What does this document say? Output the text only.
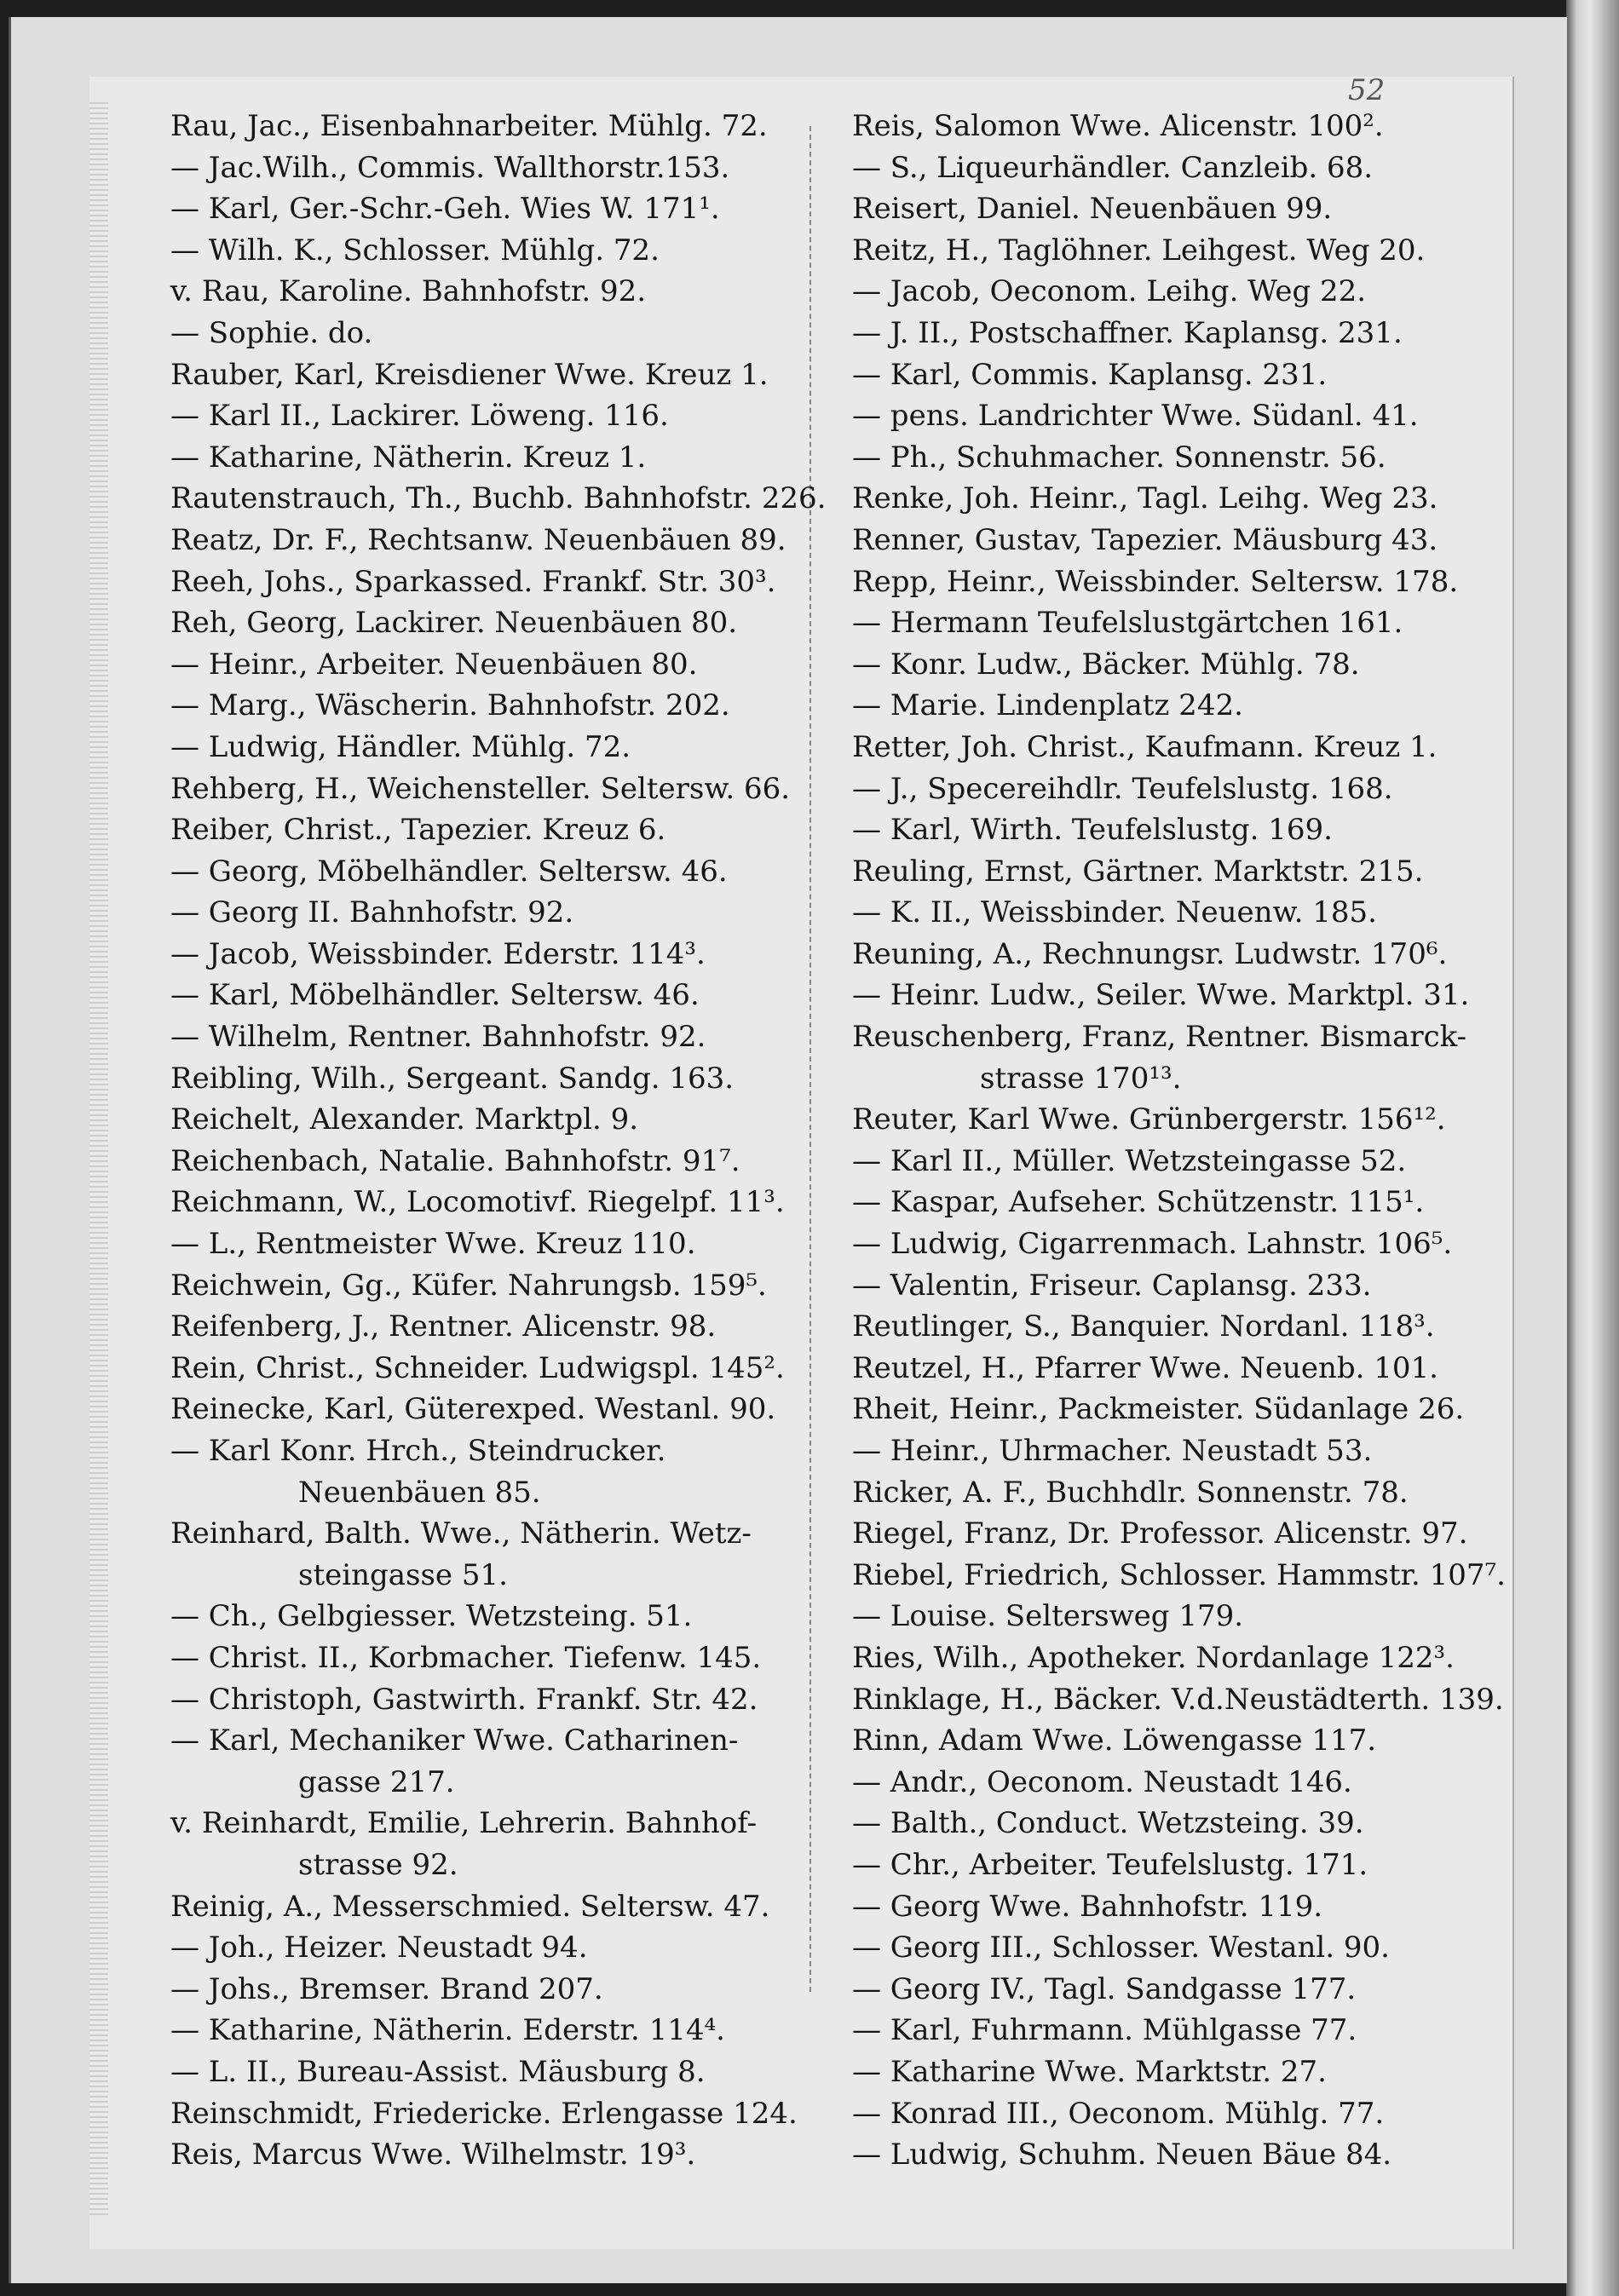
52
Rau, Jac., Eisenbahnarbeiter. Mühlg. 72.
— Jac.Wilh., Commis. Wallthorstr.153.
— Karl, Ger.-Schr.-Geh. Wies W. 171¹.
— Wilh. K., Schlosser. Mühlg. 72.
v. Rau, Karoline. Bahnhofstr. 92.
— Sophie. do.
Rauber, Karl, Kreisdiener Wwe. Kreuz 1.
— Karl II., Lackirer. Löweng. 116.
— Katharine, Nätherin. Kreuz 1.
Rautenstrauch, Th., Buchb. Bahnhofstr. 226.
Reatz, Dr. F., Rechtsanw. Neuenbäuen 89.
Reeh, Johs., Sparkassed. Frankf. Str. 30³.
Reh, Georg, Lackirer. Neuenbäuen 80.
— Heinr., Arbeiter. Neuenbäuen 80.
— Marg., Wäscherin. Bahnhofstr. 202.
— Ludwig, Händler. Mühlg. 72.
Rehberg, H., Weichensteller. Seltersw. 66.
Reiber, Christ., Tapezier. Kreuz 6.
— Georg, Möbelhändler. Seltersw. 46.
— Georg II. Bahnhofstr. 92.
— Jacob, Weissbinder. Ederstr. 114³.
— Karl, Möbelhändler. Seltersw. 46.
— Wilhelm, Rentner. Bahnhofstr. 92.
Reibling, Wilh., Sergeant. Sandg. 163.
Reichelt, Alexander. Marktpl. 9.
Reichenbach, Natalie. Bahnhofstr. 91⁷.
Reichmann, W., Locomotivf. Riegelpf. 11³.
— L., Rentmeister Wwe. Kreuz 110.
Reichwein, Gg., Küfer. Nahrungsb. 159⁵.
Reifenberg, J., Rentner. Alicenstr. 98.
Rein, Christ., Schneider. Ludwigspl. 145².
Reinecke, Karl, Güterexped. Westanl. 90.
— Karl Konr. Hrch., Steindrucker.
Neuenbäuen 85.
Reinhard, Balth. Wwe., Nätherin. Wetz-
steingasse 51.
— Ch., Gelbgiesser. Wetzsteing. 51.
— Christ. II., Korbmacher. Tiefenw. 145.
— Christoph, Gastwirth. Frankf. Str. 42.
— Karl, Mechaniker Wwe. Catharinen-
gasse 217.
v. Reinhardt, Emilie, Lehrerin. Bahnhof-
strasse 92.
Reinig, A., Messerschmied. Seltersw. 47.
— Joh., Heizer. Neustadt 94.
— Johs., Bremser. Brand 207.
— Katharine, Nätherin. Ederstr. 114⁴.
— L. II., Bureau-Assist. Mäusburg 8.
Reinschmidt, Friedericke. Erlengasse 124.
Reis, Marcus Wwe. Wilhelmstr. 19³.
Reis, Salomon Wwe. Alicenstr. 100².
— S., Liqueurhändler. Canzleib. 68.
Reisert, Daniel. Neuenbäuen 99.
Reitz, H., Taglöhner. Leihgest. Weg 20.
— Jacob, Oeconom. Leihg. Weg 22.
— J. II., Postschaffner. Kaplansg. 231.
— Karl, Commis. Kaplansg. 231.
— pens. Landrichter Wwe. Südanl. 41.
— Ph., Schuhmacher. Sonnenstr. 56.
Renke, Joh. Heinr., Tagl. Leihg. Weg 23.
Renner, Gustav, Tapezier. Mäusburg 43.
Repp, Heinr., Weissbinder. Seltersw. 178.
— Hermann Teufelslustgärtchen 161.
— Konr. Ludw., Bäcker. Mühlg. 78.
— Marie. Lindenplatz 242.
Retter, Joh. Christ., Kaufmann. Kreuz 1.
— J., Specereihdlr. Teufelslustg. 168.
— Karl, Wirth. Teufelslustg. 169.
Reuling, Ernst, Gärtner. Marktstr. 215.
— K. II., Weissbinder. Neuenw. 185.
Reuning, A., Rechnungsr. Ludwstr. 170⁶.
— Heinr. Ludw., Seiler. Wwe. Marktpl. 31.
Reuschenberg, Franz, Rentner. Bismarck-
strasse 170¹³.
Reuter, Karl Wwe. Grünbergerstr. 156¹².
— Karl II., Müller. Wetzsteingasse 52.
— Kaspar, Aufseher. Schützenstr. 115¹.
— Ludwig, Cigarrenmach. Lahnstr. 106⁵.
— Valentin, Friseur. Caplansg. 233.
Reutlinger, S., Banquier. Nordanl. 118³.
Reutzel, H., Pfarrer Wwe. Neuenb. 101.
Rheit, Heinr., Packmeister. Südanlage 26.
— Heinr., Uhrmacher. Neustadt 53.
Ricker, A. F., Buchhdlr. Sonnenstr. 78.
Riegel, Franz, Dr. Professor. Alicenstr. 97.
Riebel, Friedrich, Schlosser. Hammstr. 107⁷.
— Louise. Seltersweg 179.
Ries, Wilh., Apotheker. Nordanlage 122³.
Rinklage, H., Bäcker. V.d.Neustädterth. 139.
Rinn, Adam Wwe. Löwengasse 117.
— Andr., Oeconom. Neustadt 146.
— Balth., Conduct. Wetzsteing. 39.
— Chr., Arbeiter. Teufelslustg. 171.
— Georg Wwe. Bahnhofstr. 119.
— Georg III., Schlosser. Westanl. 90.
— Georg IV., Tagl. Sandgasse 177.
— Karl, Fuhrmann. Mühlgasse 77.
— Katharine Wwe. Marktstr. 27.
— Konrad III., Oeconom. Mühlg. 77.
— Ludwig, Schuhm. Neuen Bäue 84.
